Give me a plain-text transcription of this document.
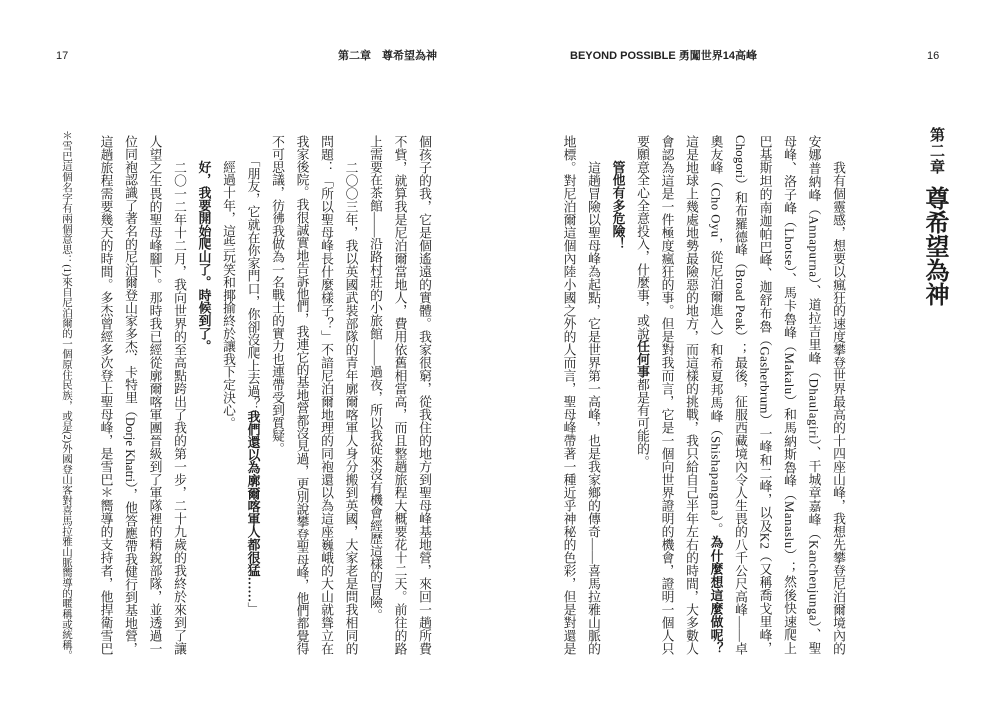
17	第二章　尊希望為神	BEYOND POSSIBLE 勇闖世界14高峰	16
第二章
尊希望為神
　　我有個靈感，想要以瘋狂的速度攀登世界最高的十四座山峰，我想先攀登尼泊爾境內的
安娜普納峰（Annapurna）、道拉吉里峰（Dhaulagiri）、干城章嘉峰（Kanchenjunga）、聖
母峰、洛子峰（Lhotse）、馬卡魯峰（Makalu）和馬納斯魯峰（Manaslu）；然後快速爬上
巴基斯坦的南迦帕巴峰、迦舒布魯（Gasherbrum）一峰和二峰，以及K2（又稱喬戈里峰，
Chogori）和布羅德峰（Broad Peak）；最後，征服西藏境內令人生畏的八千公尺高峰——卓
奧友峰（Cho Oyu，從尼泊爾進入）和希夏邦馬峰（Shishapangma）。為什麼想這麼做呢？
這是地球上幾處地勢最險惡的地方，而這樣的挑戰，我只給自己半年左右的時間，大多數人
會認為這是一件極度瘋狂的事。但是對我而言，它是一個向世界證明的機會，證明一個人只
要願意全心全意投入，什麼事，或說任何事都是有可能的。
　　管他有多危險！
　　這趟冒險以聖母峰為起點，它是世界第一高峰，也是我家鄉的傳奇——喜馬拉雅山脈的
地標。對尼泊爾這個內陸小國之外的人而言，聖母峰帶著一種近乎神秘的色彩，但是對還是
個孩子的我，它是個遙遠的實體。我家很窮，從我住的地方到聖母峰基地營，來回一趟所費
不貲，就算我是尼泊爾當地人，費用依舊相當高，而且整趟旅程大概要花十二天。前往的路
上需要在茶館——沿路村莊的小旅館——過夜，所以我從來沒有機會經歷這樣的冒險。
　　二〇〇三年，我以英國武裝部隊的青年廓爾喀軍人身分搬到英國，大家老是問我相同的
問題：「所以聖母峰長什麼樣子？」不諳尼泊爾地理的同袍還以為這座巍峨的大山就聳立在
我家後院。我很誠實地告訴他們，我連它的基地營都沒見過，更別說攀登聖母峰，他們都覺得
不可思議，彷彿我做為一名戰士的實力也連帶受到質疑。
　　「朋友，它就在你家門口，你卻沒爬上去過？我們還以為廓爾喀軍人都很猛……」
　　經過十年，這些玩笑和揶揄終於讓我下定決心。
　　好，我要開始爬山了。時候到了。
　　二〇一二年十二月，我向世界的至高點跨出了我的第一步，二十九歲的我終於來到了讓
人望之生畏的聖母峰腳下。那時我已經從廓爾喀軍團晉級到了軍隊裡的精銳部隊，並透過一
位同袍認識了著名的尼泊爾登山家多杰．卡特里（Dorje Khatri），他答應帶我健行到基地營，
這趟旅程需要幾天的時間。多杰曾經多次登上聖母峰，是雪巴＊嚮導的支持者，他捍衛雪巴
＊雪巴這個名字有兩個意思：(1)來自尼泊爾的一個原住民族，或是(2)外國登山客對喜馬拉雅山脈嚮導的暱稱或統稱。
